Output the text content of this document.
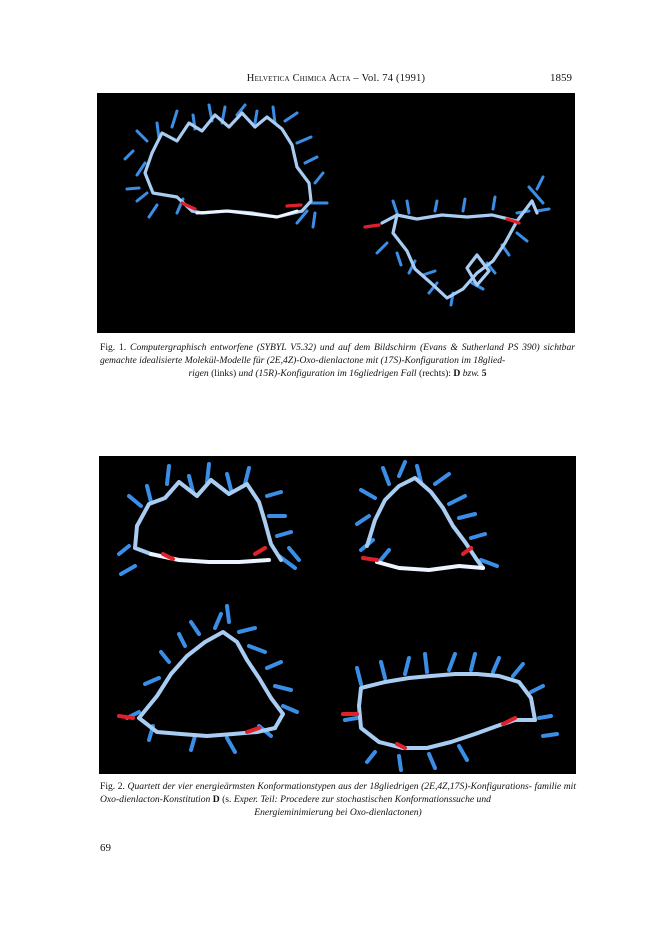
Helvetica Chimica Acta – Vol. 74 (1991)	1859
Fig. 1. Computergraphisch entworfene (SYBYL V5.32) und auf dem Bildschirm (Evans & Sutherland PS 390) sichtbar gemachte idealisierte Molekül-Modelle für (2E,4Z)-Oxo-dienlactone mit (17S)-Konfiguration im 18glied-
rigen (links) und (15R)-Konfiguration im 16gliedrigen Fall (rechts): D bzw. 5
Fig. 2. Quartett der vier energieärmsten Konformationstypen aus der 18gliedrigen (2E,4Z,17S)-Konfigurations- familie mit Oxo-dienlacton-Konstitution D (s. Exper. Teil: Procedere zur stochastischen Konformationssuche und
Energieminimierung bei Oxo-dienlactonen)
69
